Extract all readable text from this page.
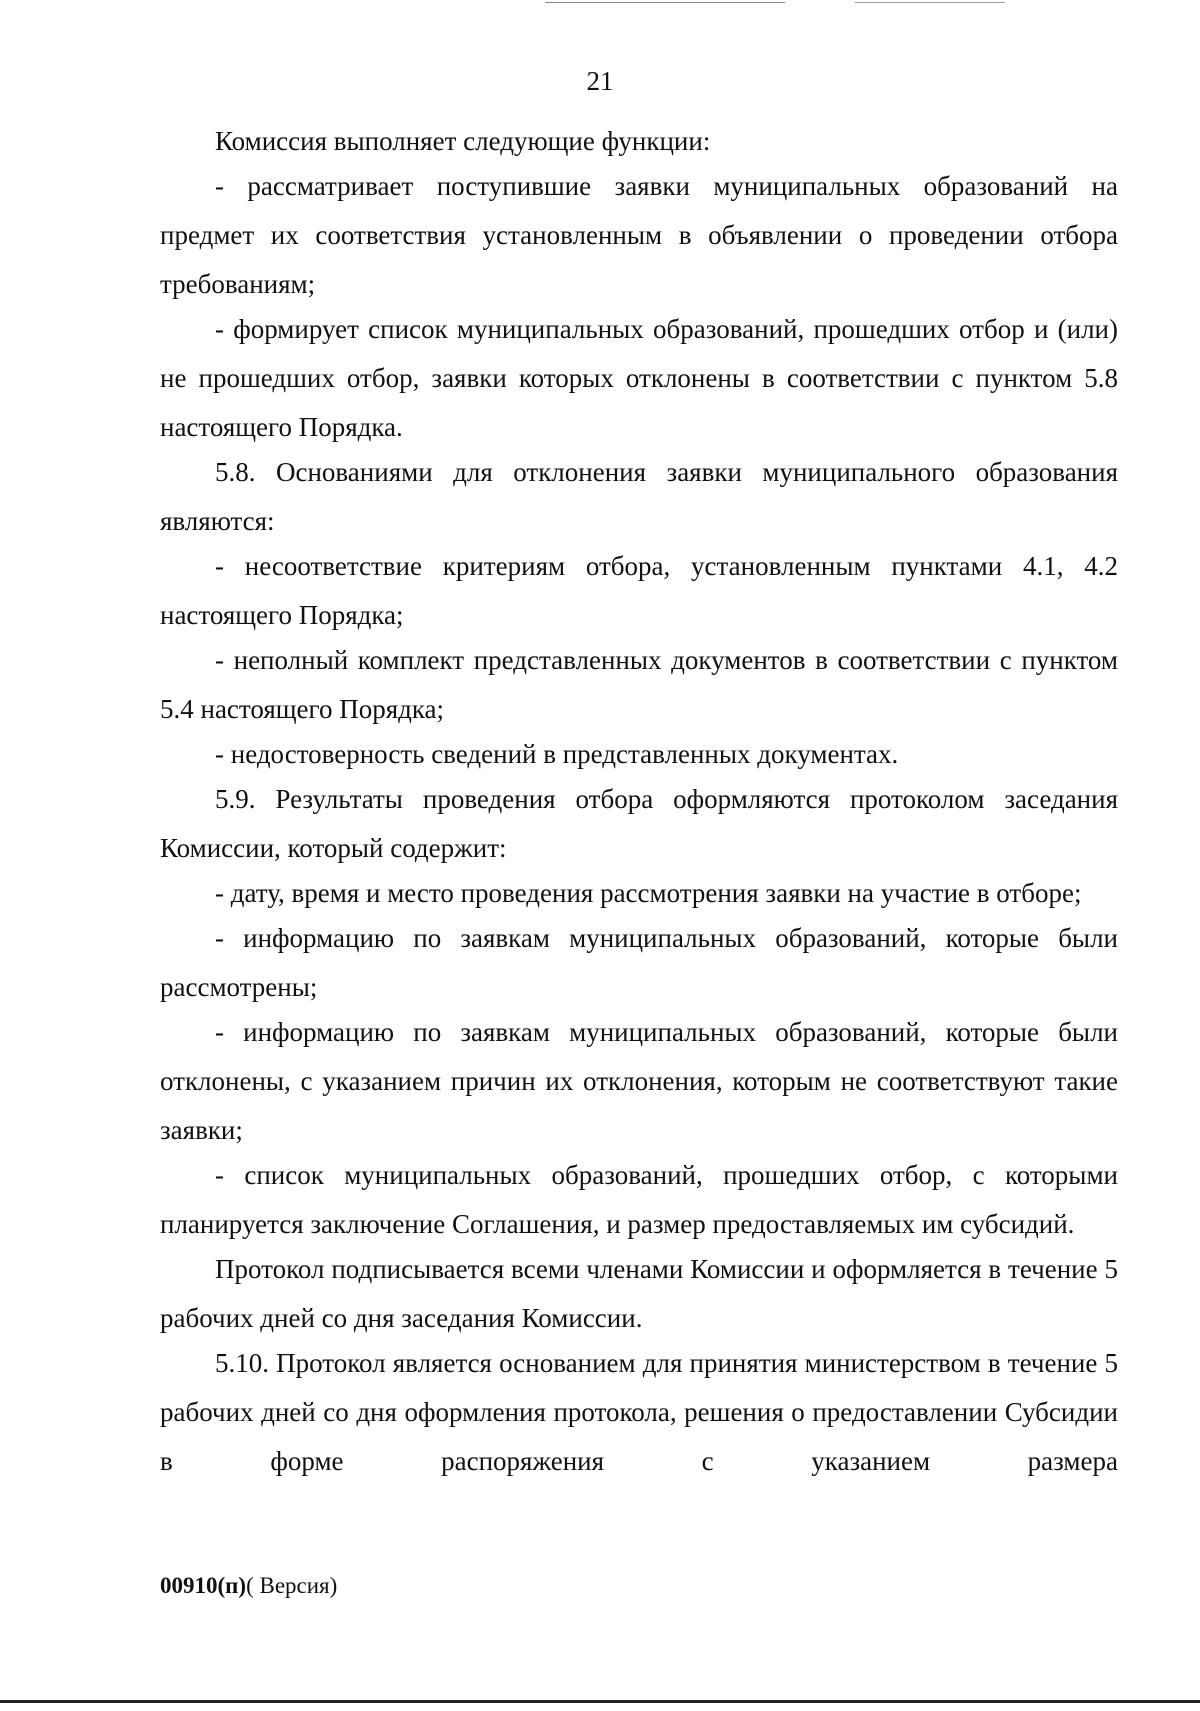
21

Комиссия выполняет следующие функции:

- рассматривает поступившие заявки муниципальных образований на предмет их соответствия установленным в объявлении о проведении отбора требованиям;

- формирует список муниципальных образований, прошедших отбор и (или) не прошедших отбор, заявки которых отклонены в соответствии с пунктом 5.8 настоящего Порядка.

5.8. Основаниями для отклонения заявки муниципального образования являются:

- несоответствие критериям отбора, установленным пунктами 4.1, 4.2 настоящего Порядка;

- неполный комплект представленных документов в соответствии с пунктом 5.4 настоящего Порядка;

- недостоверность сведений в представленных документах.

5.9. Результаты проведения отбора оформляются протоколом заседания Комиссии, который содержит:

- дату, время и место проведения рассмотрения заявки на участие в отборе;

- информацию по заявкам муниципальных образований, которые были рассмотрены;

- информацию по заявкам муниципальных образований, которые были отклонены, с указанием причин их отклонения, которым не соответствуют такие заявки;

- список муниципальных образований, прошедших отбор, с которыми планируется заключение Соглашения, и размер предоставляемых им субсидий.

Протокол подписывается всеми членами Комиссии и оформляется в течение 5 рабочих дней со дня заседания Комиссии.

5.10. Протокол является основанием для принятия министерством в течение 5 рабочих дней со дня оформления протокола, решения о предоставлении Субсидии в форме распоряжения с указанием размера

00910(п)( Версия)
